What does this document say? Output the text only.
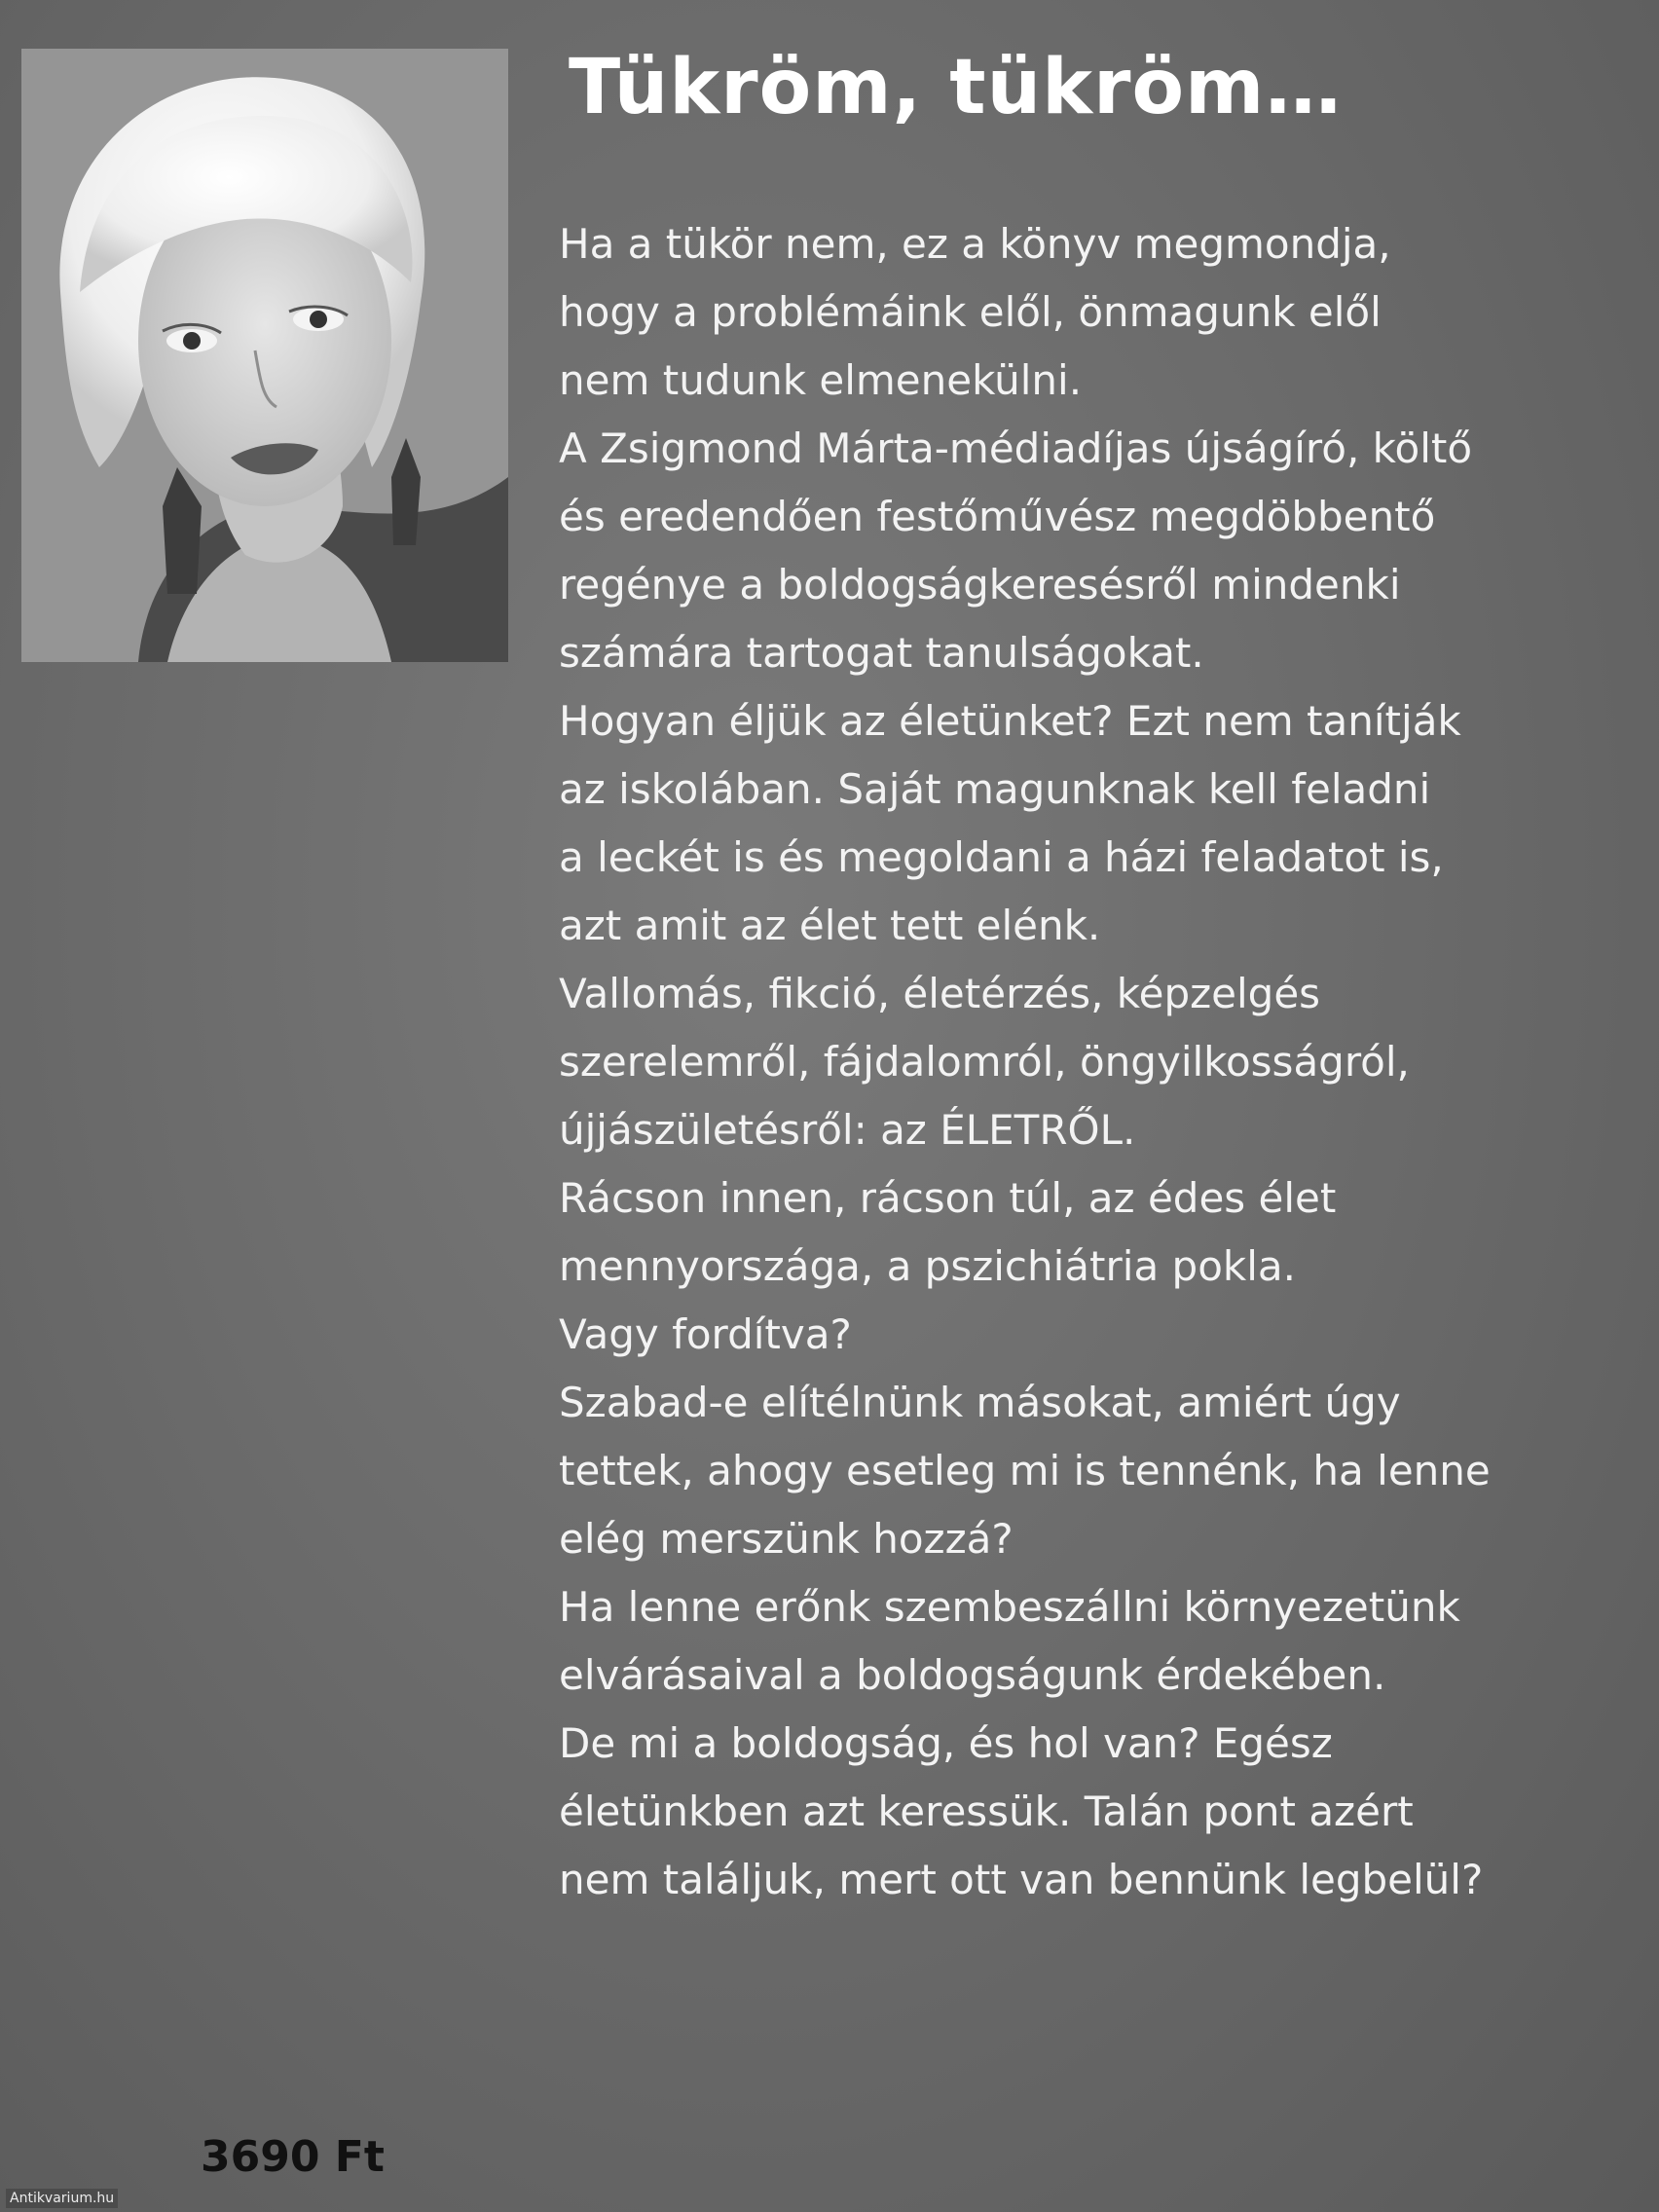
Tükröm, tükröm…
Ha a tükör nem, ez a könyv megmondja,
hogy a problémáink elől, önmagunk elől
nem tudunk elmenekülni.
A Zsigmond Márta-médiadíjas újságíró, költő
és eredendően festőművész megdöbbentő
regénye a boldogságkeresésről mindenki
számára tartogat tanulságokat.
Hogyan éljük az életünket? Ezt nem tanítják
az iskolában. Saját magunknak kell feladni
a leckét is és megoldani a házi feladatot is,
azt amit az élet tett elénk.
Vallomás, fikció, életérzés, képzelgés
szerelemről, fájdalomról, öngyilkosságról,
újjászületésről: az ÉLETRŐL.
Rácson innen, rácson túl, az édes élet
mennyországa, a pszichiátria pokla.
Vagy fordítva?
Szabad-e elítélnünk másokat, amiért úgy
tettek, ahogy esetleg mi is tennénk, ha lenne
elég merszünk hozzá?
Ha lenne erőnk szembeszállni környezetünk
elvárásaival a boldogságunk érdekében.
De mi a boldogság, és hol van? Egész
életünkben azt keressük. Talán pont azért
nem találjuk, mert ott van bennünk legbelül?
3690 Ft
Antikvarium.hu
